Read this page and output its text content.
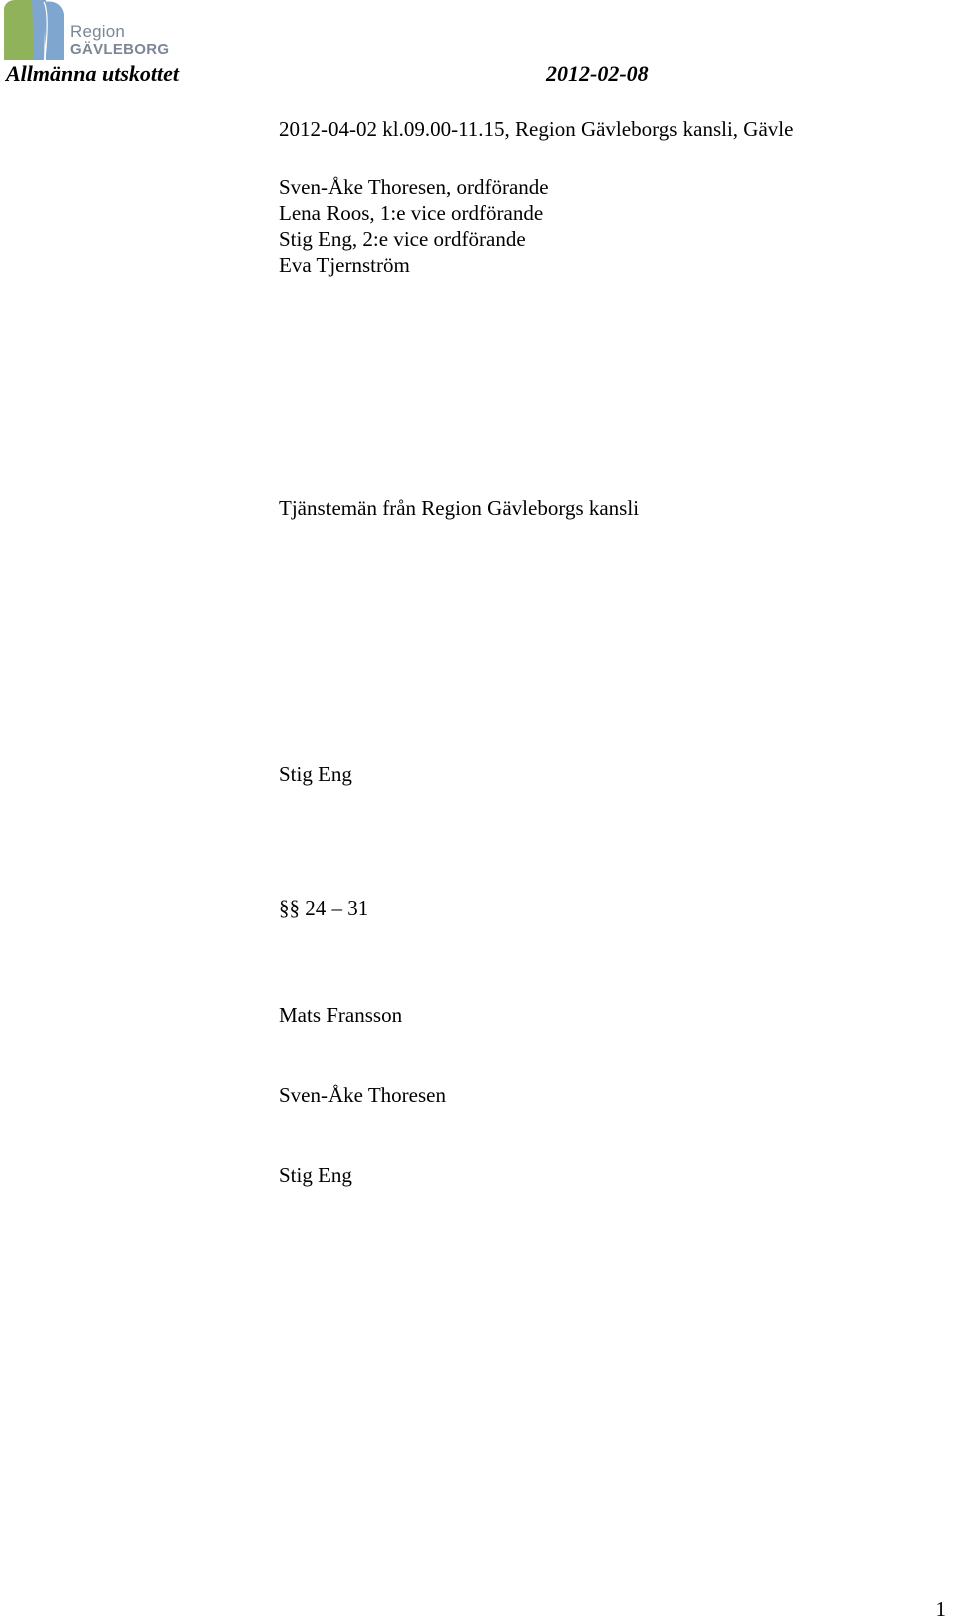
Region
GÄVLEBORG
Allmänna utskottet	2012-02-08
2012-04-02 kl.09.00-11.15, Region Gävleborgs kansli, Gävle
Sven-Åke Thoresen, ordförande
Lena Roos, 1:e vice ordförande
Stig Eng, 2:e vice ordförande
Eva Tjernström
Tjänstemän från Region Gävleborgs kansli
Stig Eng
§§ 24 – 31
Mats Fransson
Sven-Åke Thoresen
Stig Eng
1
